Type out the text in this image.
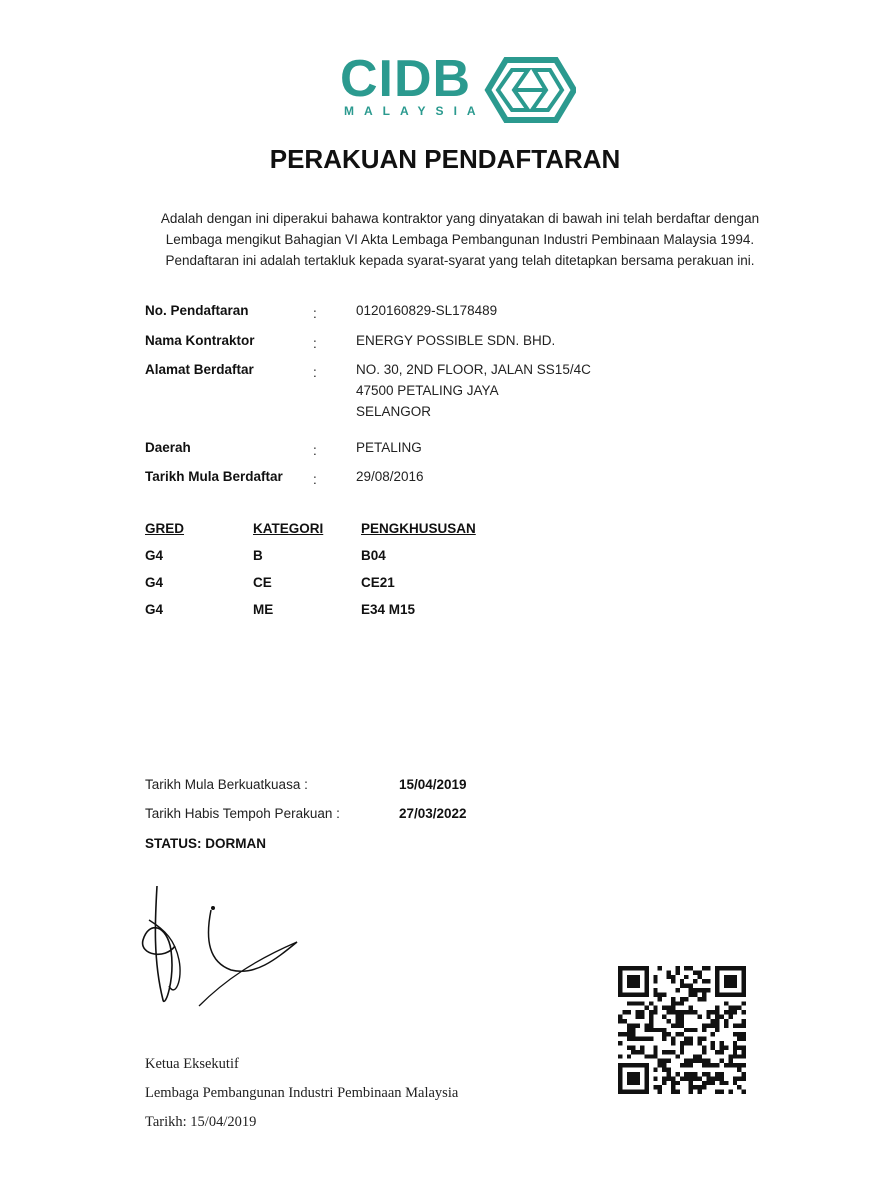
CIDB
MALAYSIA
PERAKUAN PENDAFTARAN
Adalah dengan ini diperakui bahawa kontraktor yang dinyatakan di bawah ini telah berdaftar dengan
Lembaga mengikut Bahagian VI Akta Lembaga Pembangunan Industri Pembinaan Malaysia 1994.
Pendaftaran ini adalah tertakluk kepada syarat-syarat yang telah ditetapkan bersama perakuan ini.
No. Pendaftaran	:	0120160829-SL178489
Nama Kontraktor	:	ENERGY POSSIBLE SDN. BHD.
Alamat Berdaftar	:	NO. 30, 2ND FLOOR, JALAN SS15/4C
47500 PETALING JAYA
SELANGOR
Daerah	:	PETALING
Tarikh Mula Berdaftar :	29/08/2016
GRED	KATEGORI	PENGKHUSUSAN
G4	B	B04
G4	CE	CE21
G4	ME	E34 M15
Tarikh Mula Berkuatkuasa :	15/04/2019
Tarikh Habis Tempoh Perakuan :	27/03/2022
STATUS: DORMAN
Ketua Eksekutif
Lembaga Pembangunan Industri Pembinaan Malaysia
Tarikh: 15/04/2019
